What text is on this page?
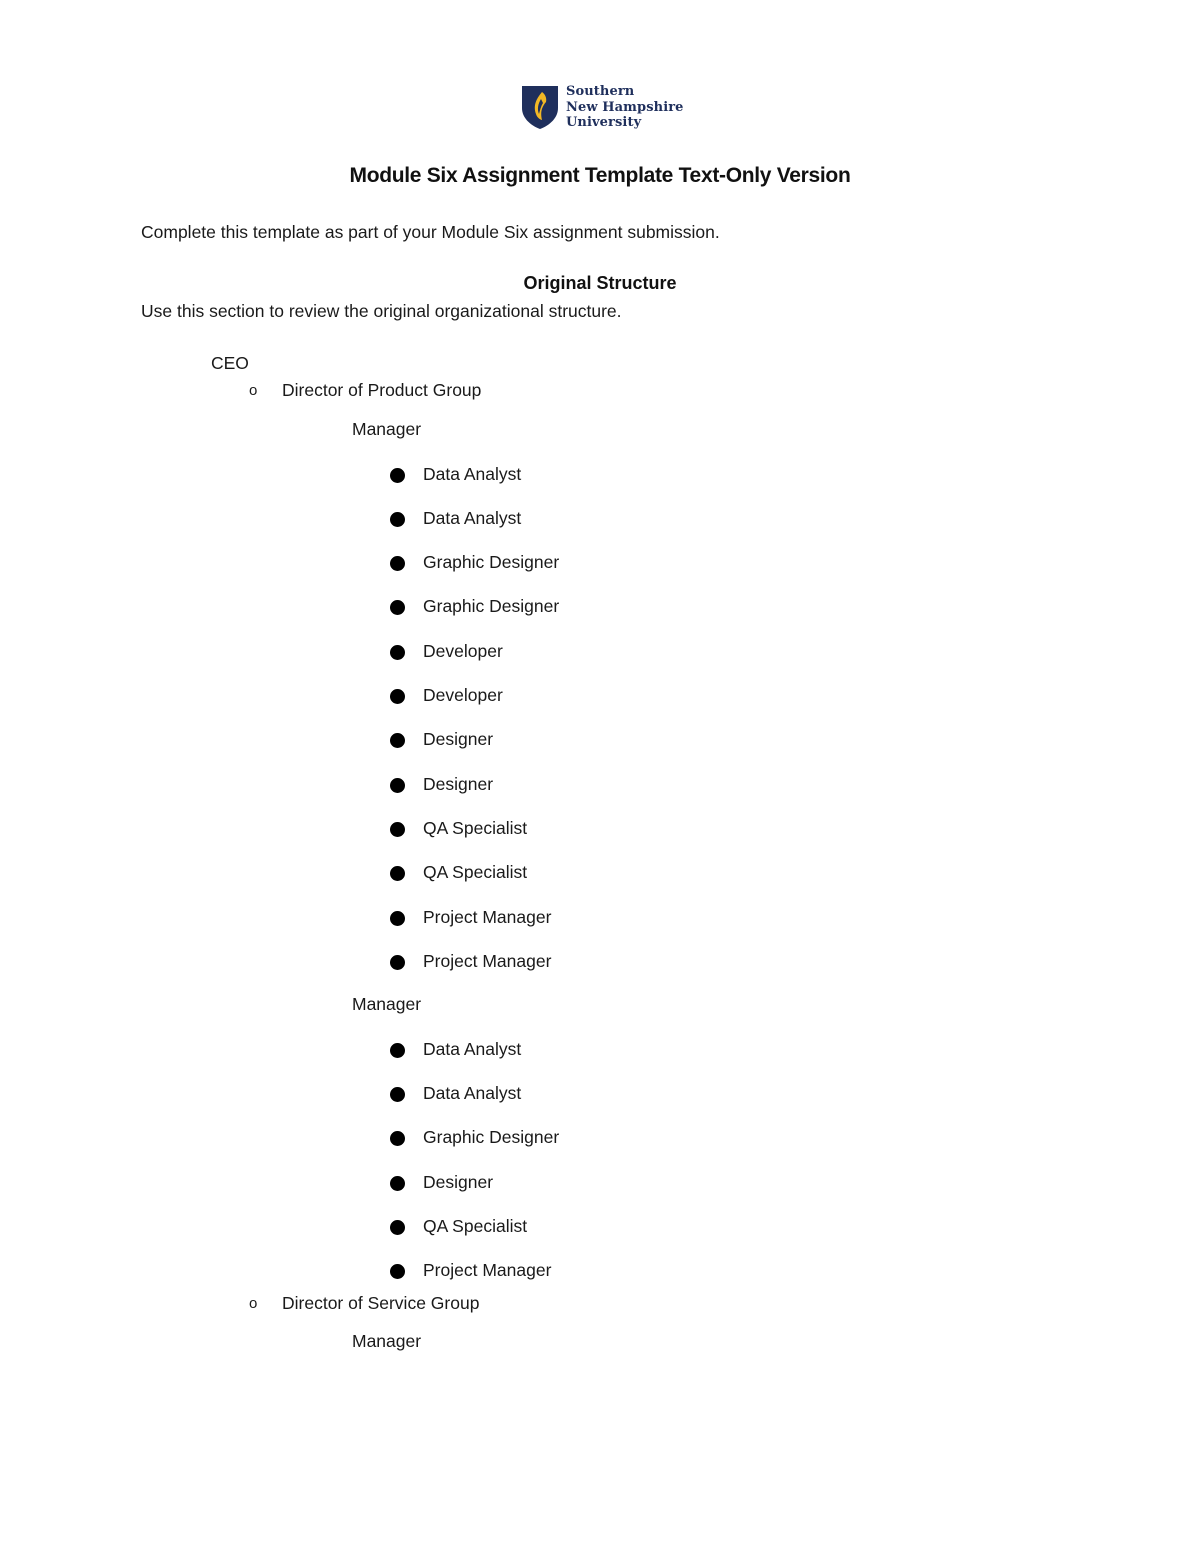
Southern
New Hampshire
University
Module Six Assignment Template Text-Only Version
Complete this template as part of your Module Six assignment submission.
Original Structure
Use this section to review the original organizational structure.
CEO
o Director of Product Group
Manager
Data Analyst
Data Analyst
Graphic Designer
Graphic Designer
Developer
Developer
Designer
Designer
QA Specialist
QA Specialist
Project Manager
Project Manager
Manager
Data Analyst
Data Analyst
Graphic Designer
Designer
QA Specialist
Project Manager
o Director of Service Group
Manager
